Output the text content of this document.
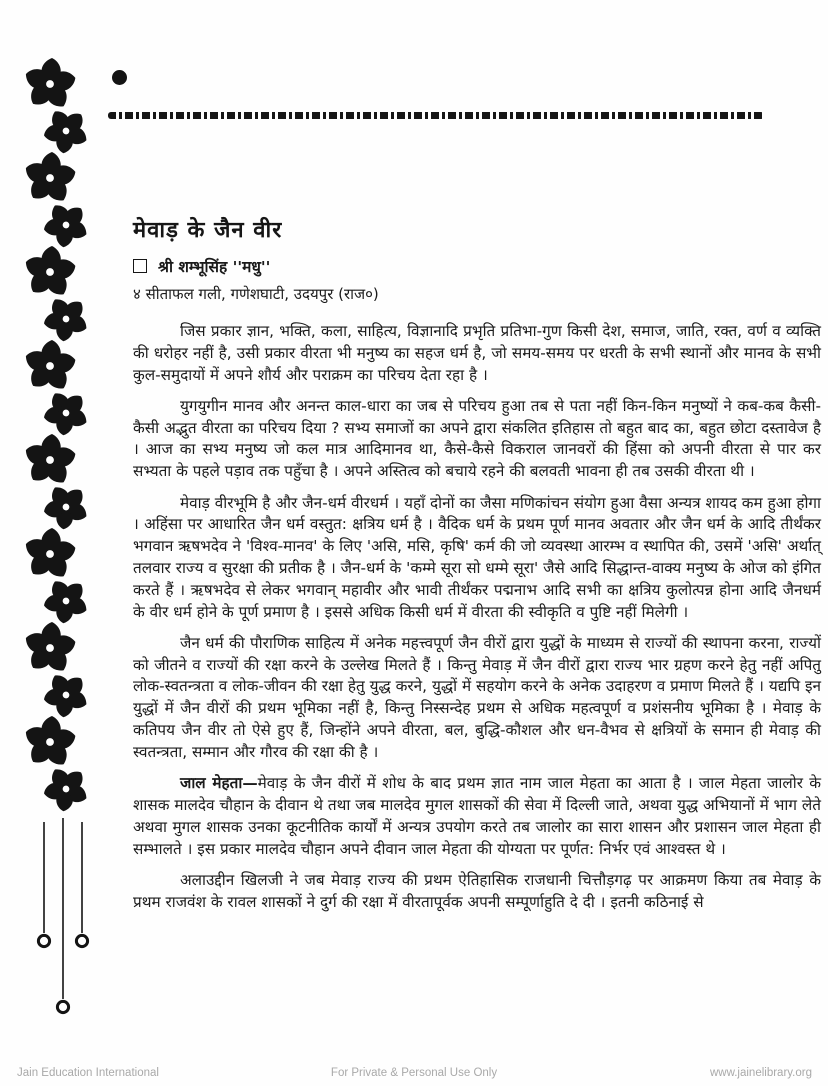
मेवाड़ के जैन वीर
श्री शम्भूसिंह ''मधु''
४ सीताफल गली, गणेशघाटी, उदयपुर (राज०)

जिस प्रकार ज्ञान, भक्ति, कला, साहित्य, विज्ञानादि प्रभृति प्रतिभा-गुण किसी देश, समाज, जाति, रक्त, वर्ण व व्यक्ति की धरोहर नहीं है, उसी प्रकार वीरता भी मनुष्य का सहज धर्म है, जो समय-समय पर धरती के सभी स्थानों और मानव के सभी कुल-समुदायों में अपने शौर्य और पराक्रम का परिचय देता रहा है ।

युगयुगीन मानव और अनन्त काल-धारा का जब से परिचय हुआ तब से पता नहीं किन-किन मनुष्यों ने कब-कब कैसी-कैसी अद्भुत वीरता का परिचय दिया ? सभ्य समाजों का अपने द्वारा संकलित इतिहास तो बहुत बाद का, बहुत छोटा दस्तावेज है । आज का सभ्य मनुष्य जो कल मात्र आदिमानव था, कैसे-कैसे विकराल जानवरों की हिंसा को अपनी वीरता से पार कर सभ्यता के पहले पड़ाव तक पहुँचा है । अपने अस्तित्व को बचाये रहने की बलवती भावना ही तब उसकी वीरता थी ।

मेवाड़ वीरभूमि है और जैन-धर्म वीरधर्म । यहाँ दोनों का जैसा मणिकांचन संयोग हुआ वैसा अन्यत्र शायद कम हुआ होगा । अहिंसा पर आधारित जैन धर्म वस्तुत: क्षत्रिय धर्म है । वैदिक धर्म के प्रथम पूर्ण मानव अवतार और जैन धर्म के आदि तीर्थंकर भगवान ऋषभदेव ने 'विश्व-मानव' के लिए 'असि, मसि, कृषि' कर्म की जो व्यवस्था आरम्भ व स्थापित की, उसमें 'असि' अर्थात् तलवार राज्य व सुरक्षा की प्रतीक है । जैन-धर्म के 'कम्मे सूरा सो धम्मे सूरा' जैसे आदि सिद्धान्त-वाक्य मनुष्य के ओज को इंगित करते हैं । ऋषभदेव से लेकर भगवान् महावीर और भावी तीर्थंकर पद्मनाभ आदि सभी का क्षत्रिय कुलोत्पन्न होना आदि जैनधर्म के वीर धर्म होने के पूर्ण प्रमाण है । इससे अधिक किसी धर्म में वीरता की स्वीकृति व पुष्टि नहीं मिलेगी ।

जैन धर्म की पौराणिक साहित्य में अनेक महत्त्वपूर्ण जैन वीरों द्वारा युद्धों के माध्यम से राज्यों की स्थापना करना, राज्यों को जीतने व राज्यों की रक्षा करने के उल्लेख मिलते हैं । किन्तु मेवाड़ में जैन वीरों द्वारा राज्य भार ग्रहण करने हेतु नहीं अपितु लोक-स्वतन्त्रता व लोक-जीवन की रक्षा हेतु युद्ध करने, युद्धों में सहयोग करने के अनेक उदाहरण व प्रमाण मिलते हैं । यद्यपि इन युद्धों में जैन वीरों की प्रथम भूमिका नहीं है, किन्तु निस्सन्देह प्रथम से अधिक महत्वपूर्ण व प्रशंसनीय भूमिका है । मेवाड़ के कतिपय जैन वीर तो ऐसे हुए हैं, जिन्होंने अपने वीरता, बल, बुद्धि-कौशल और धन-वैभव से क्षत्रियों के समान ही मेवाड़ की स्वतन्त्रता, सम्मान और गौरव की रक्षा की है ।

जाल मेहता—मेवाड़ के जैन वीरों में शोध के बाद प्रथम ज्ञात नाम जाल मेहता का आता है । जाल मेहता जालोर के शासक मालदेव चौहान के दीवान थे तथा जब मालदेव मुगल शासकों की सेवा में दिल्ली जाते, अथवा युद्ध अभियानों में भाग लेते अथवा मुगल शासक उनका कूटनीतिक कार्यों में अन्यत्र उपयोग करते तब जालोर का सारा शासन और प्रशासन जाल मेहता ही सम्भालते । इस प्रकार मालदेव चौहान अपने दीवान जाल मेहता की योग्यता पर पूर्णत: निर्भर एवं आश्वस्त थे ।

अलाउद्दीन खिलजी ने जब मेवाड़ राज्य की प्रथम ऐतिहासिक राजधानी चित्तौड़गढ़ पर आक्रमण किया तब मेवाड़ के प्रथम राजवंश के रावल शासकों ने दुर्ग की रक्षा में वीरतापूर्वक अपनी सम्पूर्णाहुति दे दी । इतनी कठिनाई से

Jain Education International	For Private & Personal Use Only	www.jainelibrary.org
